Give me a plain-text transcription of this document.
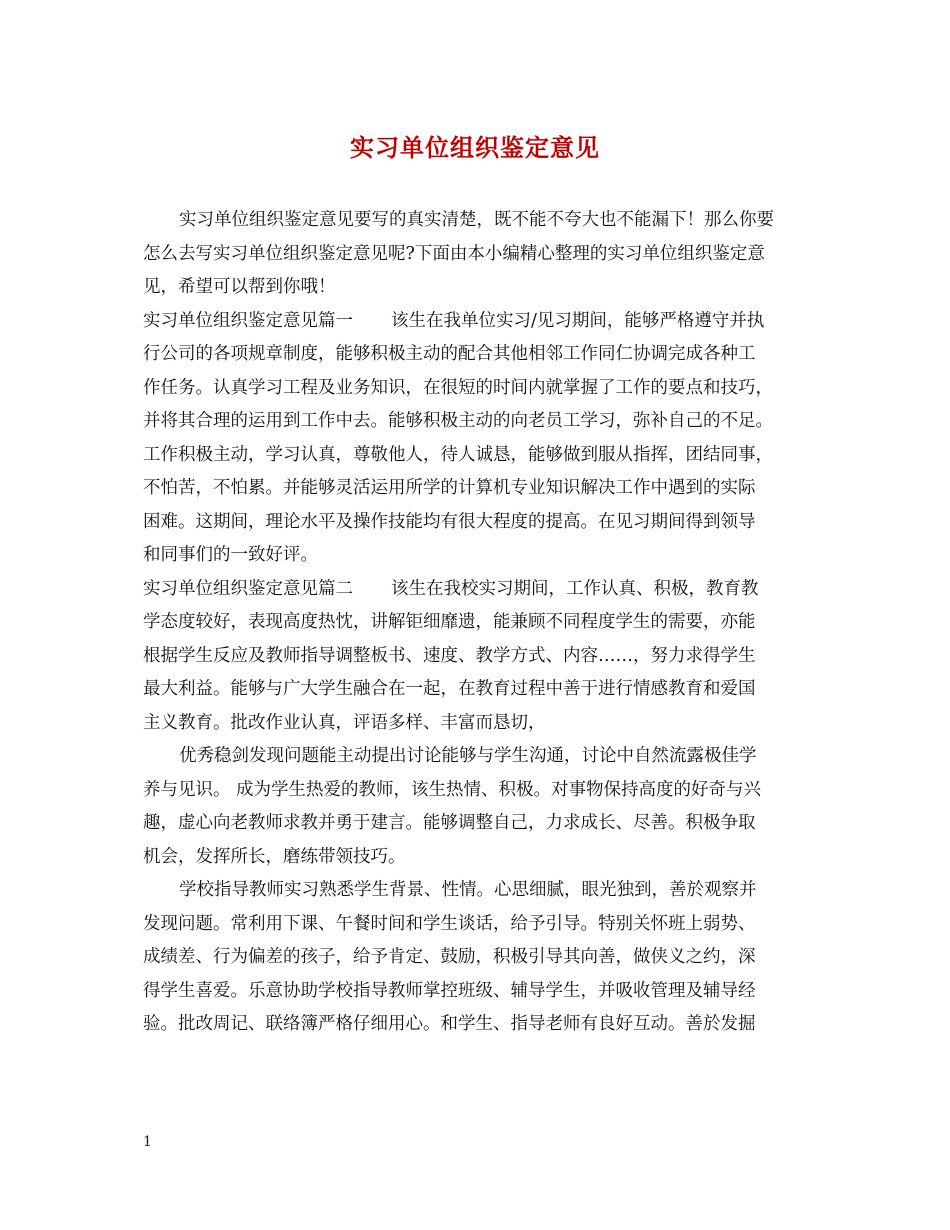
实习单位组织鉴定意见
实习单位组织鉴定意见要写的真实清楚，既不能不夸大也不能漏下！那么你要
怎么去写实习单位组织鉴定意见呢?下面由本小编精心整理的实习单位组织鉴定意
见，希望可以帮到你哦！
实习单位组织鉴定意见篇一 该生在我单位实习/见习期间，能够严格遵守并执
行公司的各项规章制度，能够积极主动的配合其他相邻工作同仁协调完成各种工
作任务。认真学习工程及业务知识，在很短的时间内就掌握了工作的要点和技巧，
并将其合理的运用到工作中去。能够积极主动的向老员工学习，弥补自己的不足。
工作积极主动，学习认真，尊敬他人，待人诚恳，能够做到服从指挥，团结同事，
不怕苦，不怕累。并能够灵活运用所学的计算机专业知识解决工作中遇到的实际
困难。这期间，理论水平及操作技能均有很大程度的提高。在见习期间得到领导
和同事们的一致好评。
实习单位组织鉴定意见篇二 该生在我校实习期间，工作认真、积极，教育教
学态度较好，表现高度热忱，讲解钜细靡遗，能兼顾不同程度学生的需要，亦能
根据学生反应及教师指导调整板书、速度、教学方式、内容……，努力求得学生
最大利益。能够与广大学生融合在一起，在教育过程中善于进行情感教育和爱国
主义教育。批改作业认真，评语多样、丰富而恳切，
优秀稳剑发现问题能主动提出讨论能够与学生沟通，讨论中自然流露极佳学
养与见识。 成为学生热爱的教师，该生热情、积极。对事物保持高度的好奇与兴
趣，虚心向老教师求教并勇于建言。能够调整自己，力求成长、尽善。积极争取
机会，发挥所长，磨练带领技巧。
学校指导教师实习熟悉学生背景、性情。心思细腻，眼光独到，善於观察并
发现问题。常利用下课、午餐时间和学生谈话，给予引导。特别关怀班上弱势、
成绩差、行为偏差的孩子，给予肯定、鼓励，积极引导其向善，做侠义之约，深
得学生喜爱。乐意协助学校指导教师掌控班级、辅导学生，并吸收管理及辅导经
验。批改周记、联络簿严格仔细用心。和学生、指导老师有良好互动。善於发掘
1
